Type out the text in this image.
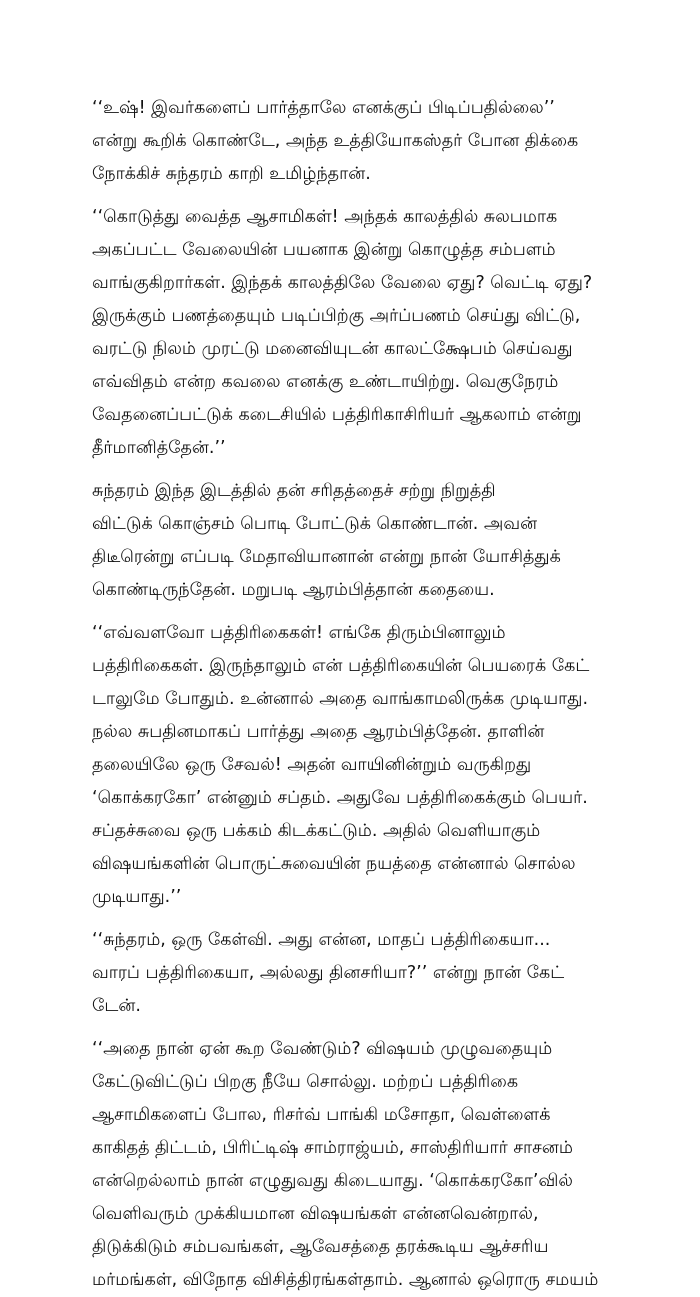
‘‘உஷ்! இவர்களைப் பார்த்தாலே எனக்குப் பிடிப்பதில்லை’’
என்று கூறிக் கொண்டே, அந்த உத்தியோகஸ்தர் போன திக்கை
நோக்கிச் சுந்தரம் காறி உமிழ்ந்தான்.
‘‘கொடுத்து வைத்த ஆசாமிகள்! அந்தக் காலத்தில் சுலபமாக
அகப்பட்ட வேலையின் பயனாக இன்று கொழுத்த சம்பளம்
வாங்குகிறார்கள். இந்தக் காலத்திலே வேலை ஏது? வெட்டி ஏது?
இருக்கும் பணத்தையும் படிப்பிற்கு அர்ப்பணம் செய்து விட்டு,
வரட்டு நிலம் முரட்டு மனைவியுடன் காலட்க்ஷேபம் செய்வது
எவ்விதம் என்ற கவலை எனக்கு உண்டாயிற்று. வெகுநேரம்
வேதனைப்பட்டுக் கடைசியில் பத்திரிகாசிரியர் ஆகலாம் என்று
தீர்மானித்தேன்.’’
சுந்தரம் இந்த இடத்தில் தன் சரிதத்தைச் சற்று நிறுத்தி
விட்டுக் கொஞ்சம் பொடி போட்டுக் கொண்டான். அவன்
திடீரென்று எப்படி மேதாவியானான் என்று நான் யோசித்துக்
கொண்டிருந்தேன். மறுபடி ஆரம்பித்தான் கதையை.
‘‘எவ்வளவோ பத்திரிகைகள்! எங்கே திரும்பினாலும்
பத்திரிகைகள். இருந்தாலும் என் பத்திரிகையின் பெயரைக் கேட்
டாலுமே போதும். உன்னால் அதை வாங்காமலிருக்க முடியாது.
நல்ல சுபதினமாகப் பார்த்து அதை ஆரம்பித்தேன். தாளின்
தலையிலே ஒரு சேவல்! அதன் வாயினின்றும் வருகிறது
‘கொக்கரகோ’ என்னும் சப்தம். அதுவே பத்திரிகைக்கும் பெயர்.
சப்தச்சுவை ஒரு பக்கம் கிடக்கட்டும். அதில் வெளியாகும்
விஷயங்களின் பொருட்சுவையின் நயத்தை என்னால் சொல்ல
முடியாது.’’
‘‘சுந்தரம், ஒரு கேள்வி. அது என்ன, மாதப் பத்திரிகையா...
வாரப் பத்திரிகையா, அல்லது தினசரியா?’’ என்று நான் கேட்
டேன்.
‘‘அதை நான் ஏன் கூற வேண்டும்? விஷயம் முழுவதையும்
கேட்டுவிட்டுப் பிறகு நீயே சொல்லு. மற்றப் பத்திரிகை
ஆசாமிகளைப் போல, ரிசர்வ் பாங்கி மசோதா, வெள்ளைக்
காகிதத் திட்டம், பிரிட்டிஷ் சாம்ராஜ்யம், சாஸ்திரியார் சாசனம்
என்றெல்லாம் நான் எழுதுவது கிடையாது. ‘கொக்கரகோ’வில்
வெளிவரும் முக்கியமான விஷயங்கள் என்னவென்றால்,
திடுக்கிடும் சம்பவங்கள், ஆவேசத்தை தரக்கூடிய ஆச்சரிய
மர்மங்கள், விநோத விசித்திரங்கள்தாம். ஆனால் ஒரொரு சமயம்
